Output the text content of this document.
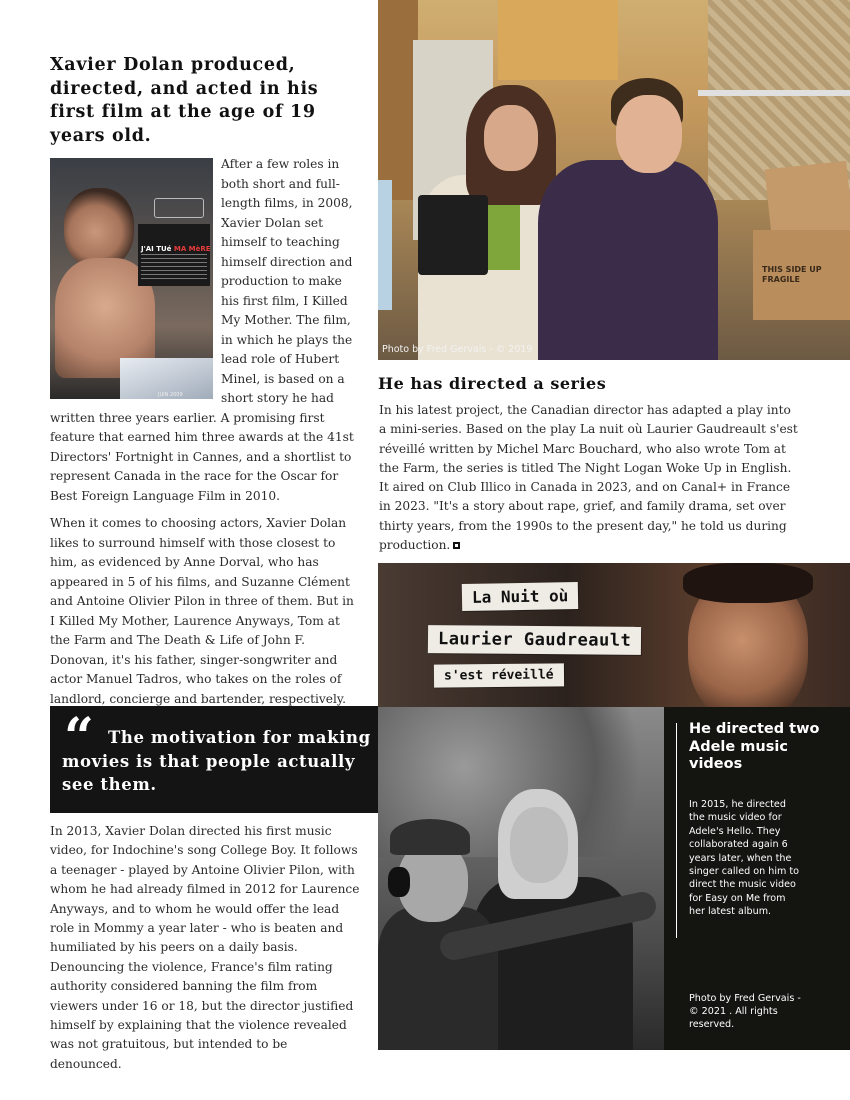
Xavier Dolan produced, directed, and acted in his first film at the age of 19 years old.
J'AI TUé MA MèRE
JUIN 2009

After a few roles in both short and full-length films, in 2008, Xavier Dolan set himself to teaching himself direction and production to make his first film, I Killed My Mother. The film, in which he plays the lead role of Hubert Minel, is based on a short story he had written three years earlier. A promising first feature that earned him three awards at the 41st Directors' Fortnight in Cannes, and a shortlist to represent Canada in the race for the Oscar for Best Foreign Language Film in 2010.

When it comes to choosing actors, Xavier Dolan likes to surround himself with those closest to him, as evidenced by Anne Dorval, who has appeared in 5 of his films, and Suzanne Clément and Antoine Olivier Pilon in three of them. But in I Killed My Mother, Laurence Anyways, Tom at the Farm and The Death & Life of John F. Donovan, it's his father, singer-songwriter and actor Manuel Tadros, who takes on the roles of landlord, concierge and bartender, respectively.

THIS SIDE UP
FRAGILE
Photo by Fred Gervais - © 2019
He has directed a series

In his latest project, the Canadian director has adapted a play into a mini-series. Based on the play La nuit où Laurier Gaudreault s'est réveillé written by Michel Marc Bouchard, who also wrote Tom at the Farm, the series is titled The Night Logan Woke Up in English. It aired on Club Illico in Canada in 2023, and on Canal+ in France in 2023. "It's a story about rape, grief, and family drama, set over thirty years, from the 1990s to the present day," he told us during production.

La Nuit où
Laurier Gaudreault
s'est réveillé
“ The motivation for making movies is that people actually see them.
He directed two Adele music videos
In 2015, he directed the music video for Adele's Hello. They collaborated again 6 years later, when the singer called on him to direct the music video for Easy on Me from her latest album.
Photo by Fred Gervais - © 2021 . All rights reserved.

In 2013, Xavier Dolan directed his first music video, for Indochine's song College Boy. It follows a teenager - played by Antoine Olivier Pilon, with whom he had already filmed in 2012 for Laurence Anyways, and to whom he would offer the lead role in Mommy a year later - who is beaten and humiliated by his peers on a daily basis. Denouncing the violence, France's film rating authority considered banning the film from viewers under 16 or 18, but the director justified himself by explaining that the violence revealed was not gratuitous, but intended to be denounced.
